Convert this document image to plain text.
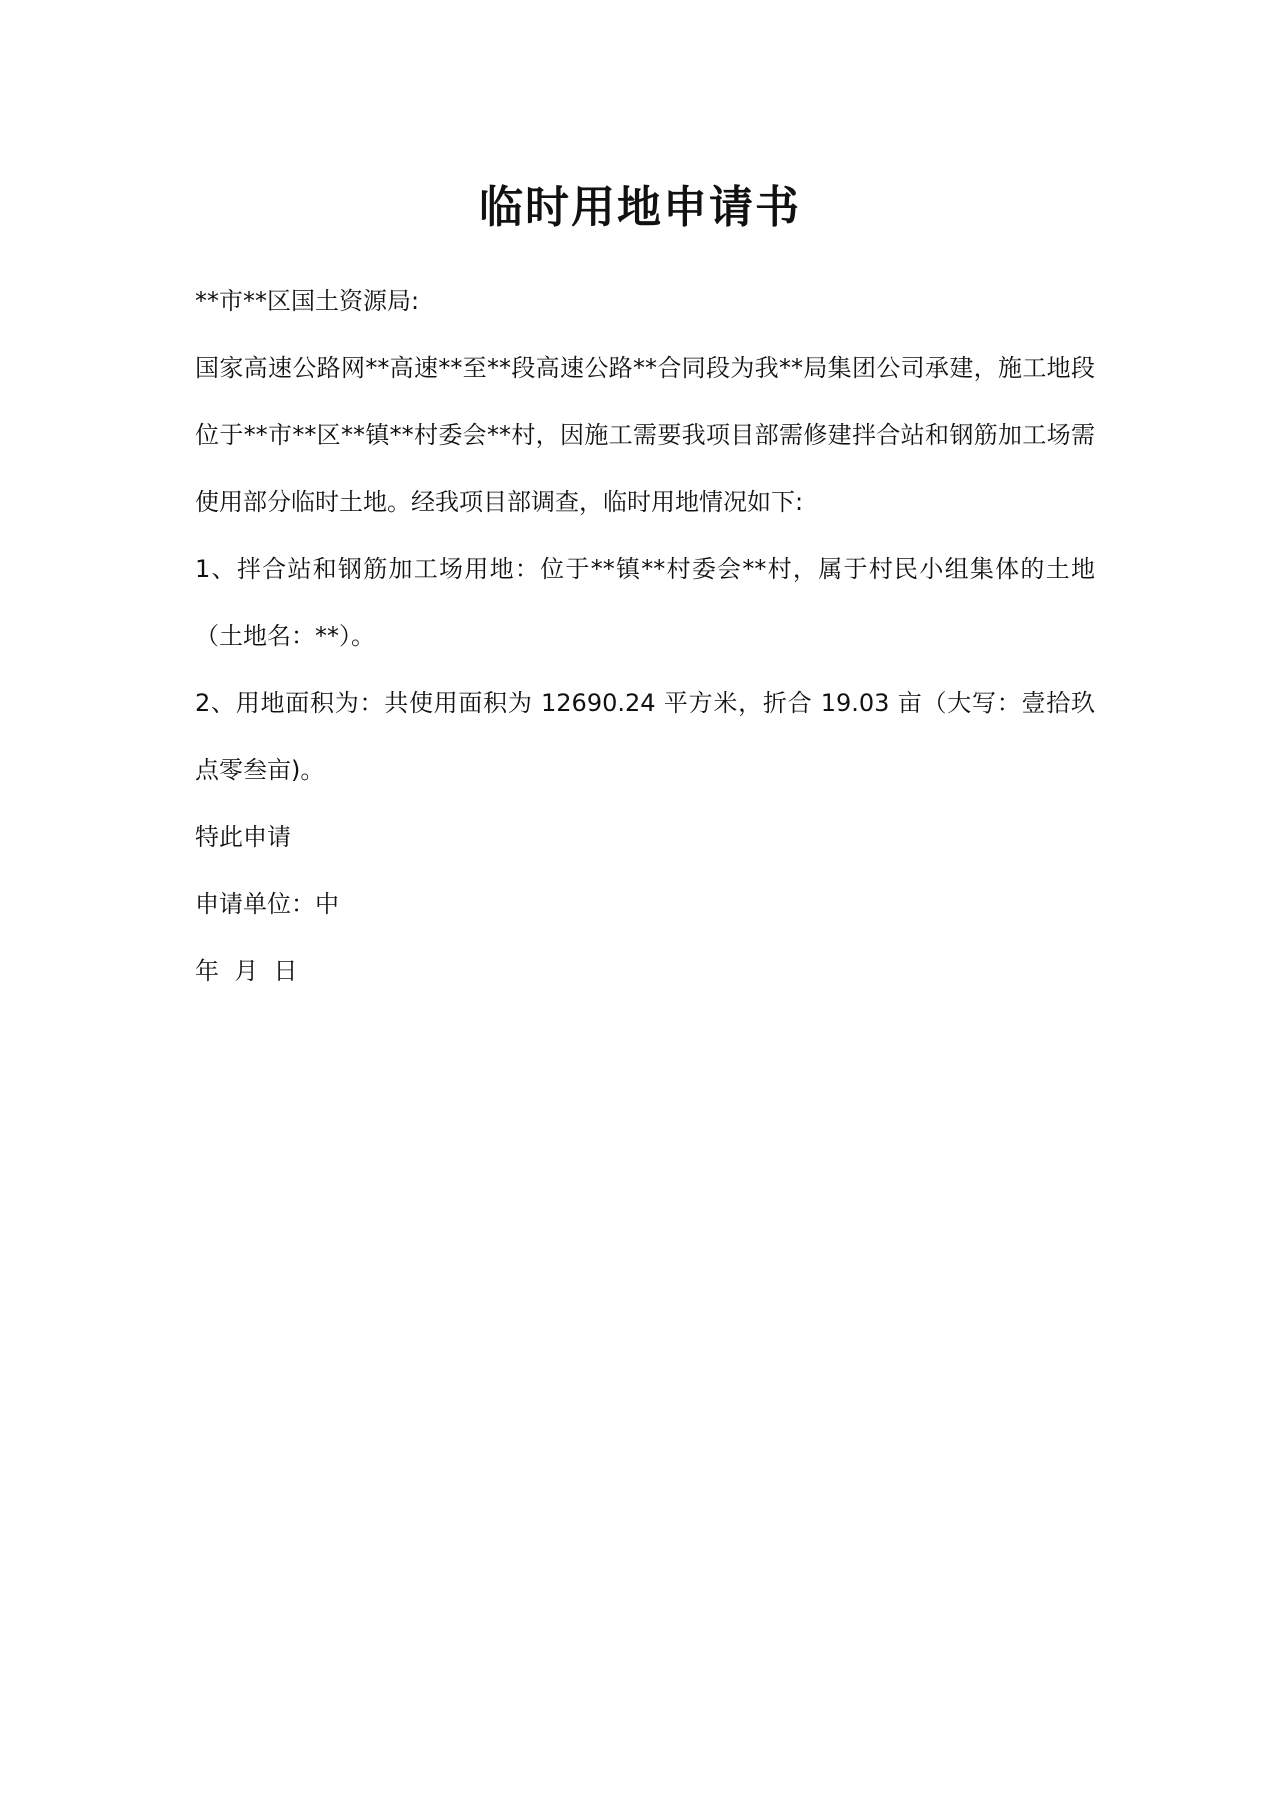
临时用地申请书
**市**区国土资源局:
国家高速公路网**高速**至**段高速公路**合同段为我**局集团公司承建，施工地段位于**市**区**镇**村委会**村，因施工需要我项目部需修建拌合站和钢筋加工场需使用部分临时土地。经我项目部调查，临时用地情况如下:
1、拌合站和钢筋加工场用地：位于**镇**村委会**村，属于村民小组集体的土地（土地名：**）。
2、用地面积为：共使用面积为 12690.24 平方米，折合 19.03 亩（大写：壹拾玖点零叁亩)。
特此申请
申请单位：中
年  月  日
